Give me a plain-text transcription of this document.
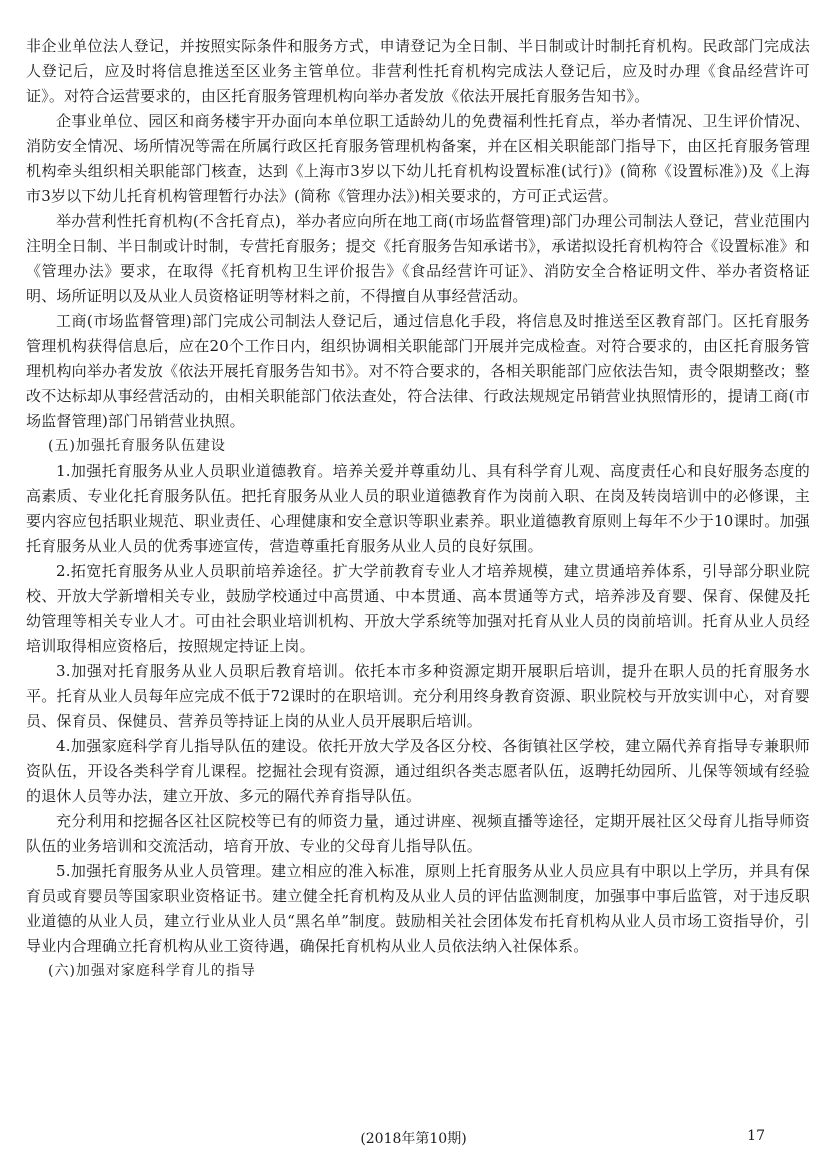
非企业单位法人登记，并按照实际条件和服务方式，申请登记为全日制、半日制或计时制托育机构。民政部门完成法人登记后，应及时将信息推送至区业务主管单位。非营利性托育机构完成法人登记后，应及时办理《食品经营许可证》。对符合运营要求的，由区托育服务管理机构向举办者发放《依法开展托育服务告知书》。

企事业单位、园区和商务楼宇开办面向本单位职工适龄幼儿的免费福利性托育点，举办者情况、卫生评价情况、消防安全情况、场所情况等需在所属行政区托育服务管理机构备案，并在区相关职能部门指导下，由区托育服务管理机构牵头组织相关职能部门核查，达到《上海市3岁以下幼儿托育机构设置标准(试行)》(简称《设置标准》)及《上海市3岁以下幼儿托育机构管理暂行办法》(简称《管理办法》)相关要求的，方可正式运营。

举办营利性托育机构(不含托育点)，举办者应向所在地工商(市场监督管理)部门办理公司制法人登记，营业范围内注明全日制、半日制或计时制，专营托育服务；提交《托育服务告知承诺书》，承诺拟设托育机构符合《设置标准》和《管理办法》要求，在取得《托育机构卫生评价报告》《食品经营许可证》、消防安全合格证明文件、举办者资格证明、场所证明以及从业人员资格证明等材料之前，不得擅自从事经营活动。

工商(市场监督管理)部门完成公司制法人登记后，通过信息化手段，将信息及时推送至区教育部门。区托育服务管理机构获得信息后，应在20个工作日内，组织协调相关职能部门开展并完成检查。对符合要求的，由区托育服务管理机构向举办者发放《依法开展托育服务告知书》。对不符合要求的，各相关职能部门应依法告知，责令限期整改；整改不达标却从事经营活动的，由相关职能部门依法查处，符合法律、行政法规规定吊销营业执照情形的，提请工商(市场监督管理)部门吊销营业执照。

(五)加强托育服务队伍建设

1.加强托育服务从业人员职业道德教育。培养关爱并尊重幼儿、具有科学育儿观、高度责任心和良好服务态度的高素质、专业化托育服务队伍。把托育服务从业人员的职业道德教育作为岗前入职、在岗及转岗培训中的必修课，主要内容应包括职业规范、职业责任、心理健康和安全意识等职业素养。职业道德教育原则上每年不少于10课时。加强托育服务从业人员的优秀事迹宣传，营造尊重托育服务从业人员的良好氛围。

2.拓宽托育服务从业人员职前培养途径。扩大学前教育专业人才培养规模，建立贯通培养体系，引导部分职业院校、开放大学新增相关专业，鼓励学校通过中高贯通、中本贯通、高本贯通等方式，培养涉及育婴、保育、保健及托幼管理等相关专业人才。可由社会职业培训机构、开放大学系统等加强对托育从业人员的岗前培训。托育从业人员经培训取得相应资格后，按照规定持证上岗。

3.加强对托育服务从业人员职后教育培训。依托本市多种资源定期开展职后培训，提升在职人员的托育服务水平。托育从业人员每年应完成不低于72课时的在职培训。充分利用终身教育资源、职业院校与开放实训中心，对育婴员、保育员、保健员、营养员等持证上岗的从业人员开展职后培训。

4.加强家庭科学育儿指导队伍的建设。依托开放大学及各区分校、各街镇社区学校，建立隔代养育指导专兼职师资队伍，开设各类科学育儿课程。挖掘社会现有资源，通过组织各类志愿者队伍，返聘托幼园所、儿保等领域有经验的退休人员等办法，建立开放、多元的隔代养育指导队伍。

充分利用和挖掘各区社区院校等已有的师资力量，通过讲座、视频直播等途径，定期开展社区父母育儿指导师资队伍的业务培训和交流活动，培育开放、专业的父母育儿指导队伍。

5.加强托育服务从业人员管理。建立相应的准入标准，原则上托育服务从业人员应具有中职以上学历，并具有保育员或育婴员等国家职业资格证书。建立健全托育机构及从业人员的评估监测制度，加强事中事后监管，对于违反职业道德的从业人员，建立行业从业人员“黑名单”制度。鼓励相关社会团体发布托育机构从业人员市场工资指导价，引导业内合理确立托育机构从业工资待遇，确保托育机构从业人员依法纳入社保体系。

(六)加强对家庭科学育儿的指导

(2018年第10期)	17
